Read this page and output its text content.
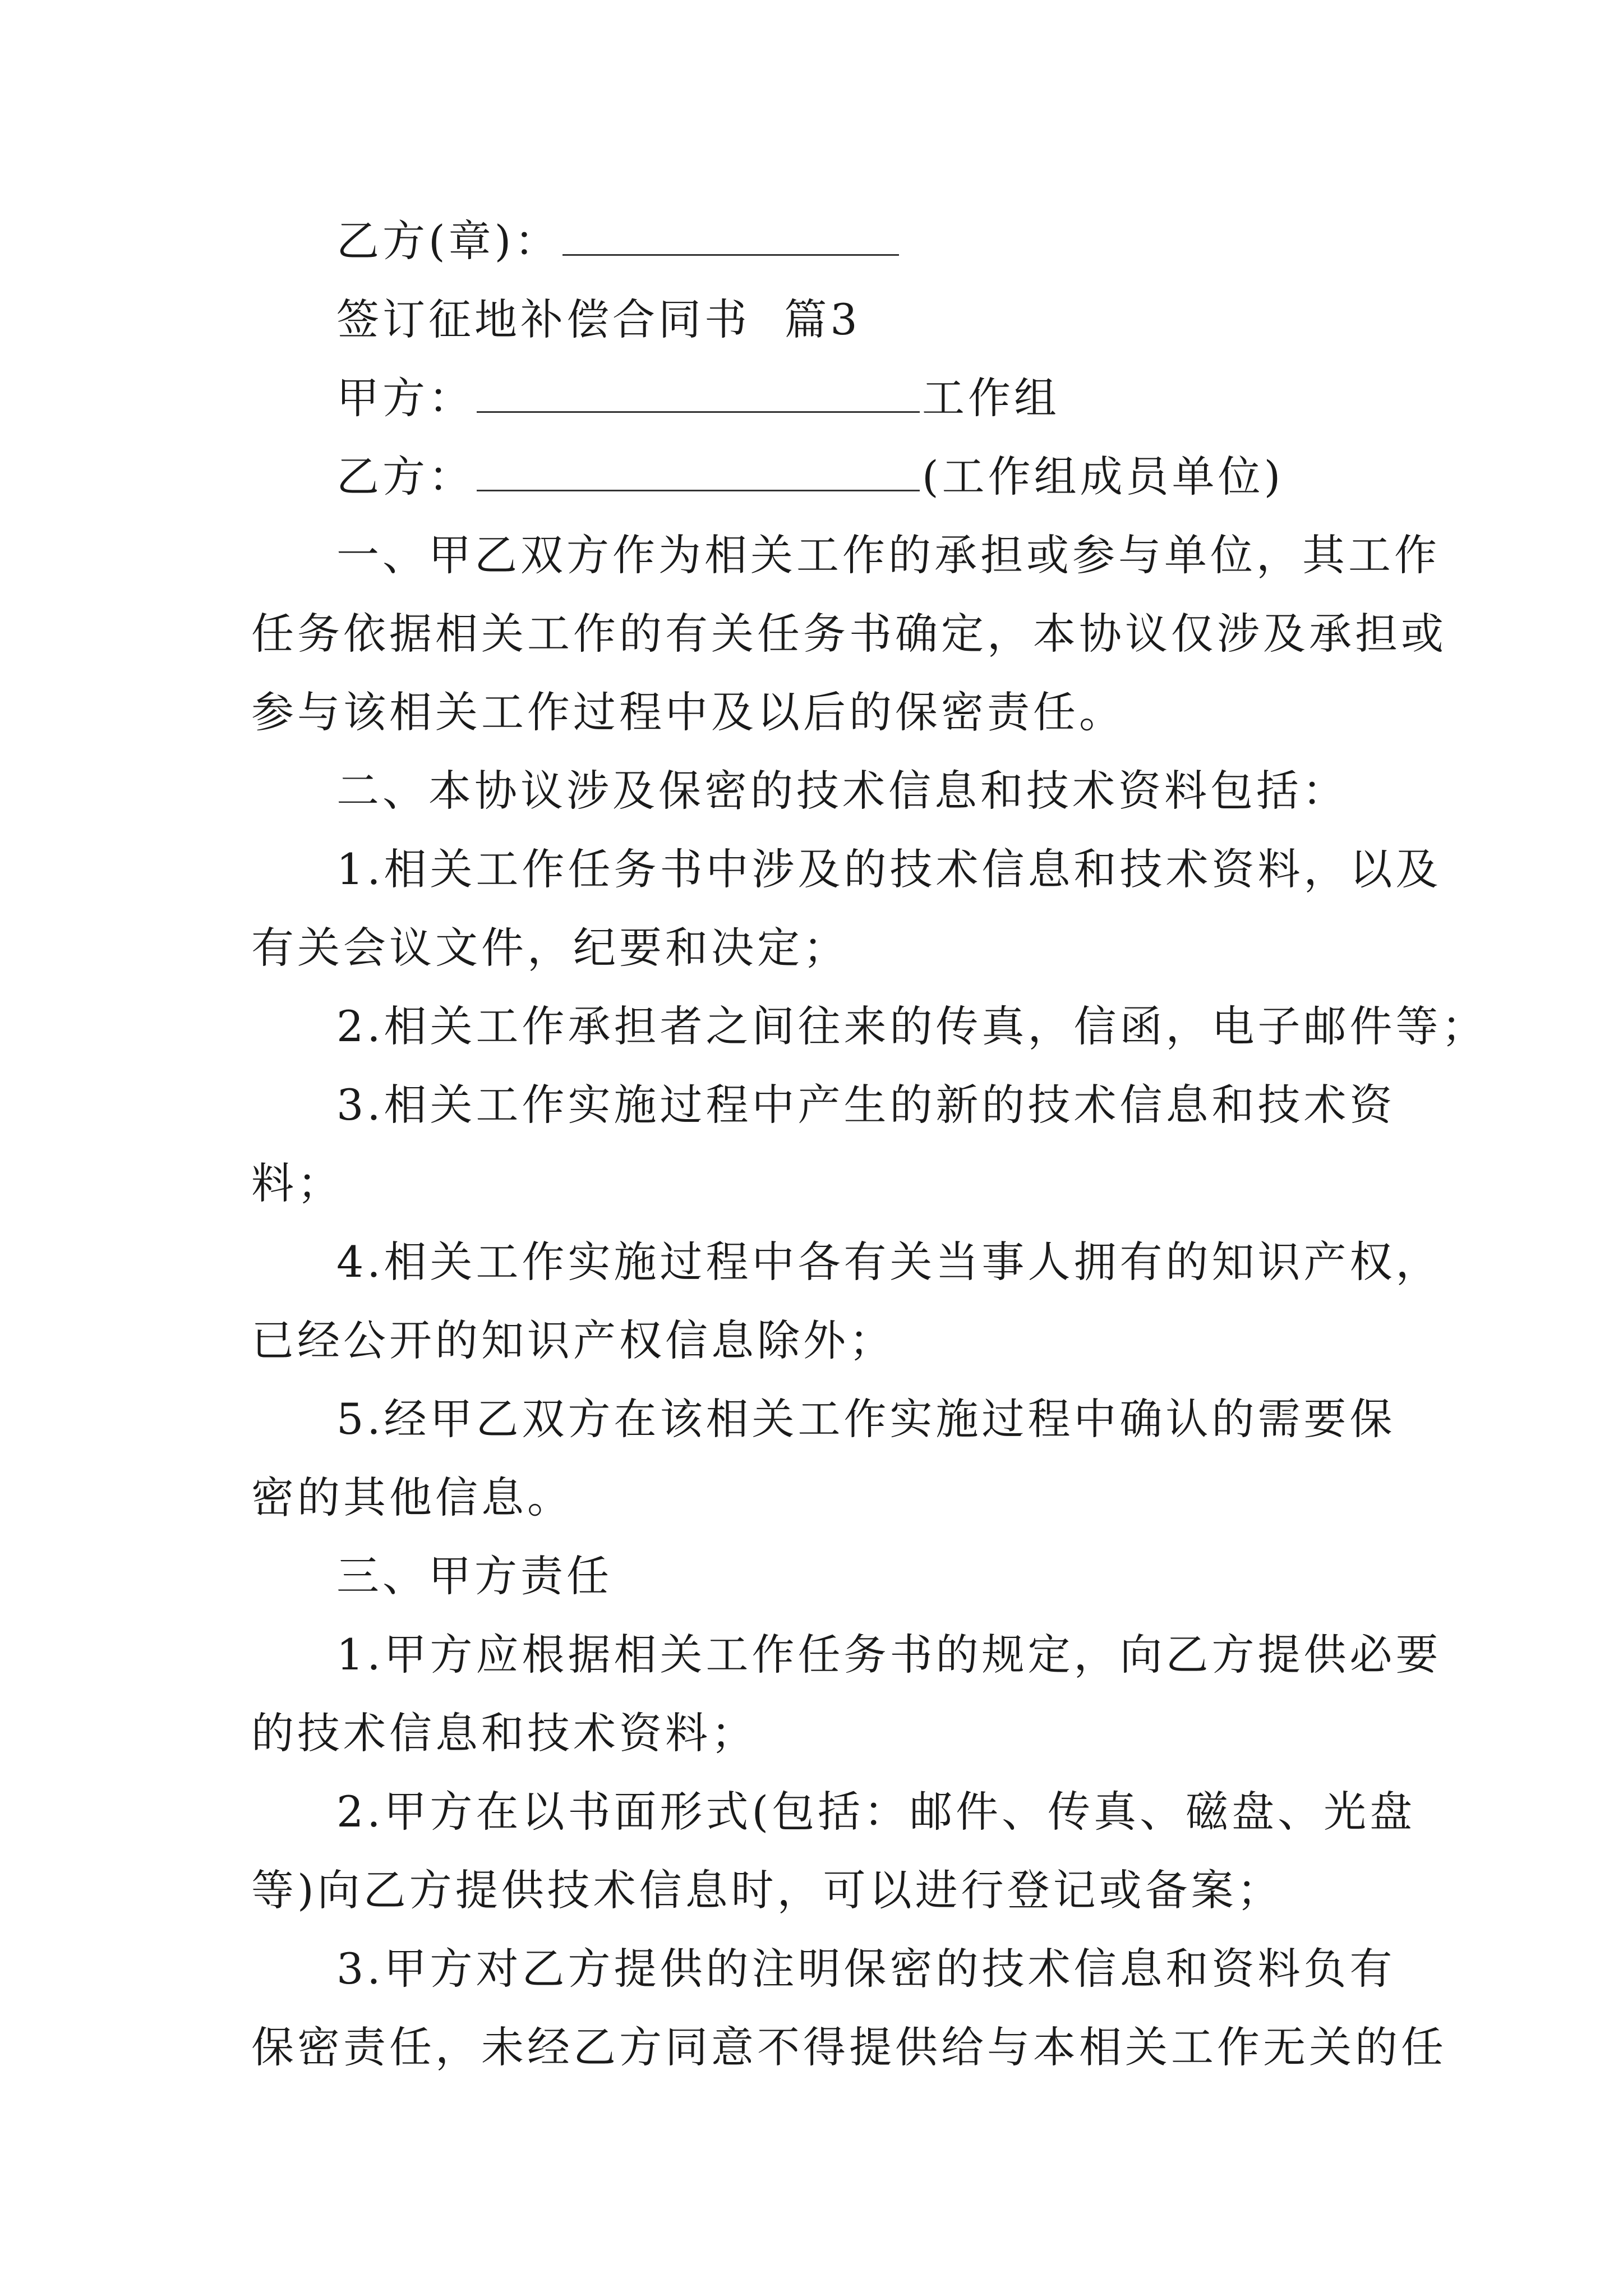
乙方(章)：
签订征地补偿合同书  篇3
甲方：	工作组
乙方：	(工作组成员单位)
一、甲乙双方作为相关工作的承担或参与单位，其工作
任务依据相关工作的有关任务书确定，本协议仅涉及承担或
参与该相关工作过程中及以后的保密责任。
二、本协议涉及保密的技术信息和技术资料包括：
1.相关工作任务书中涉及的技术信息和技术资料，以及
有关会议文件，纪要和决定；
2.相关工作承担者之间往来的传真，信函，电子邮件等；
3.相关工作实施过程中产生的新的技术信息和技术资
料；
4.相关工作实施过程中各有关当事人拥有的知识产权，
已经公开的知识产权信息除外；
5.经甲乙双方在该相关工作实施过程中确认的需要保
密的其他信息。
三、甲方责任
1.甲方应根据相关工作任务书的规定，向乙方提供必要
的技术信息和技术资料；
2.甲方在以书面形式(包括：邮件、传真、磁盘、光盘
等)向乙方提供技术信息时，可以进行登记或备案；
3.甲方对乙方提供的注明保密的技术信息和资料负有
保密责任，未经乙方同意不得提供给与本相关工作无关的任
